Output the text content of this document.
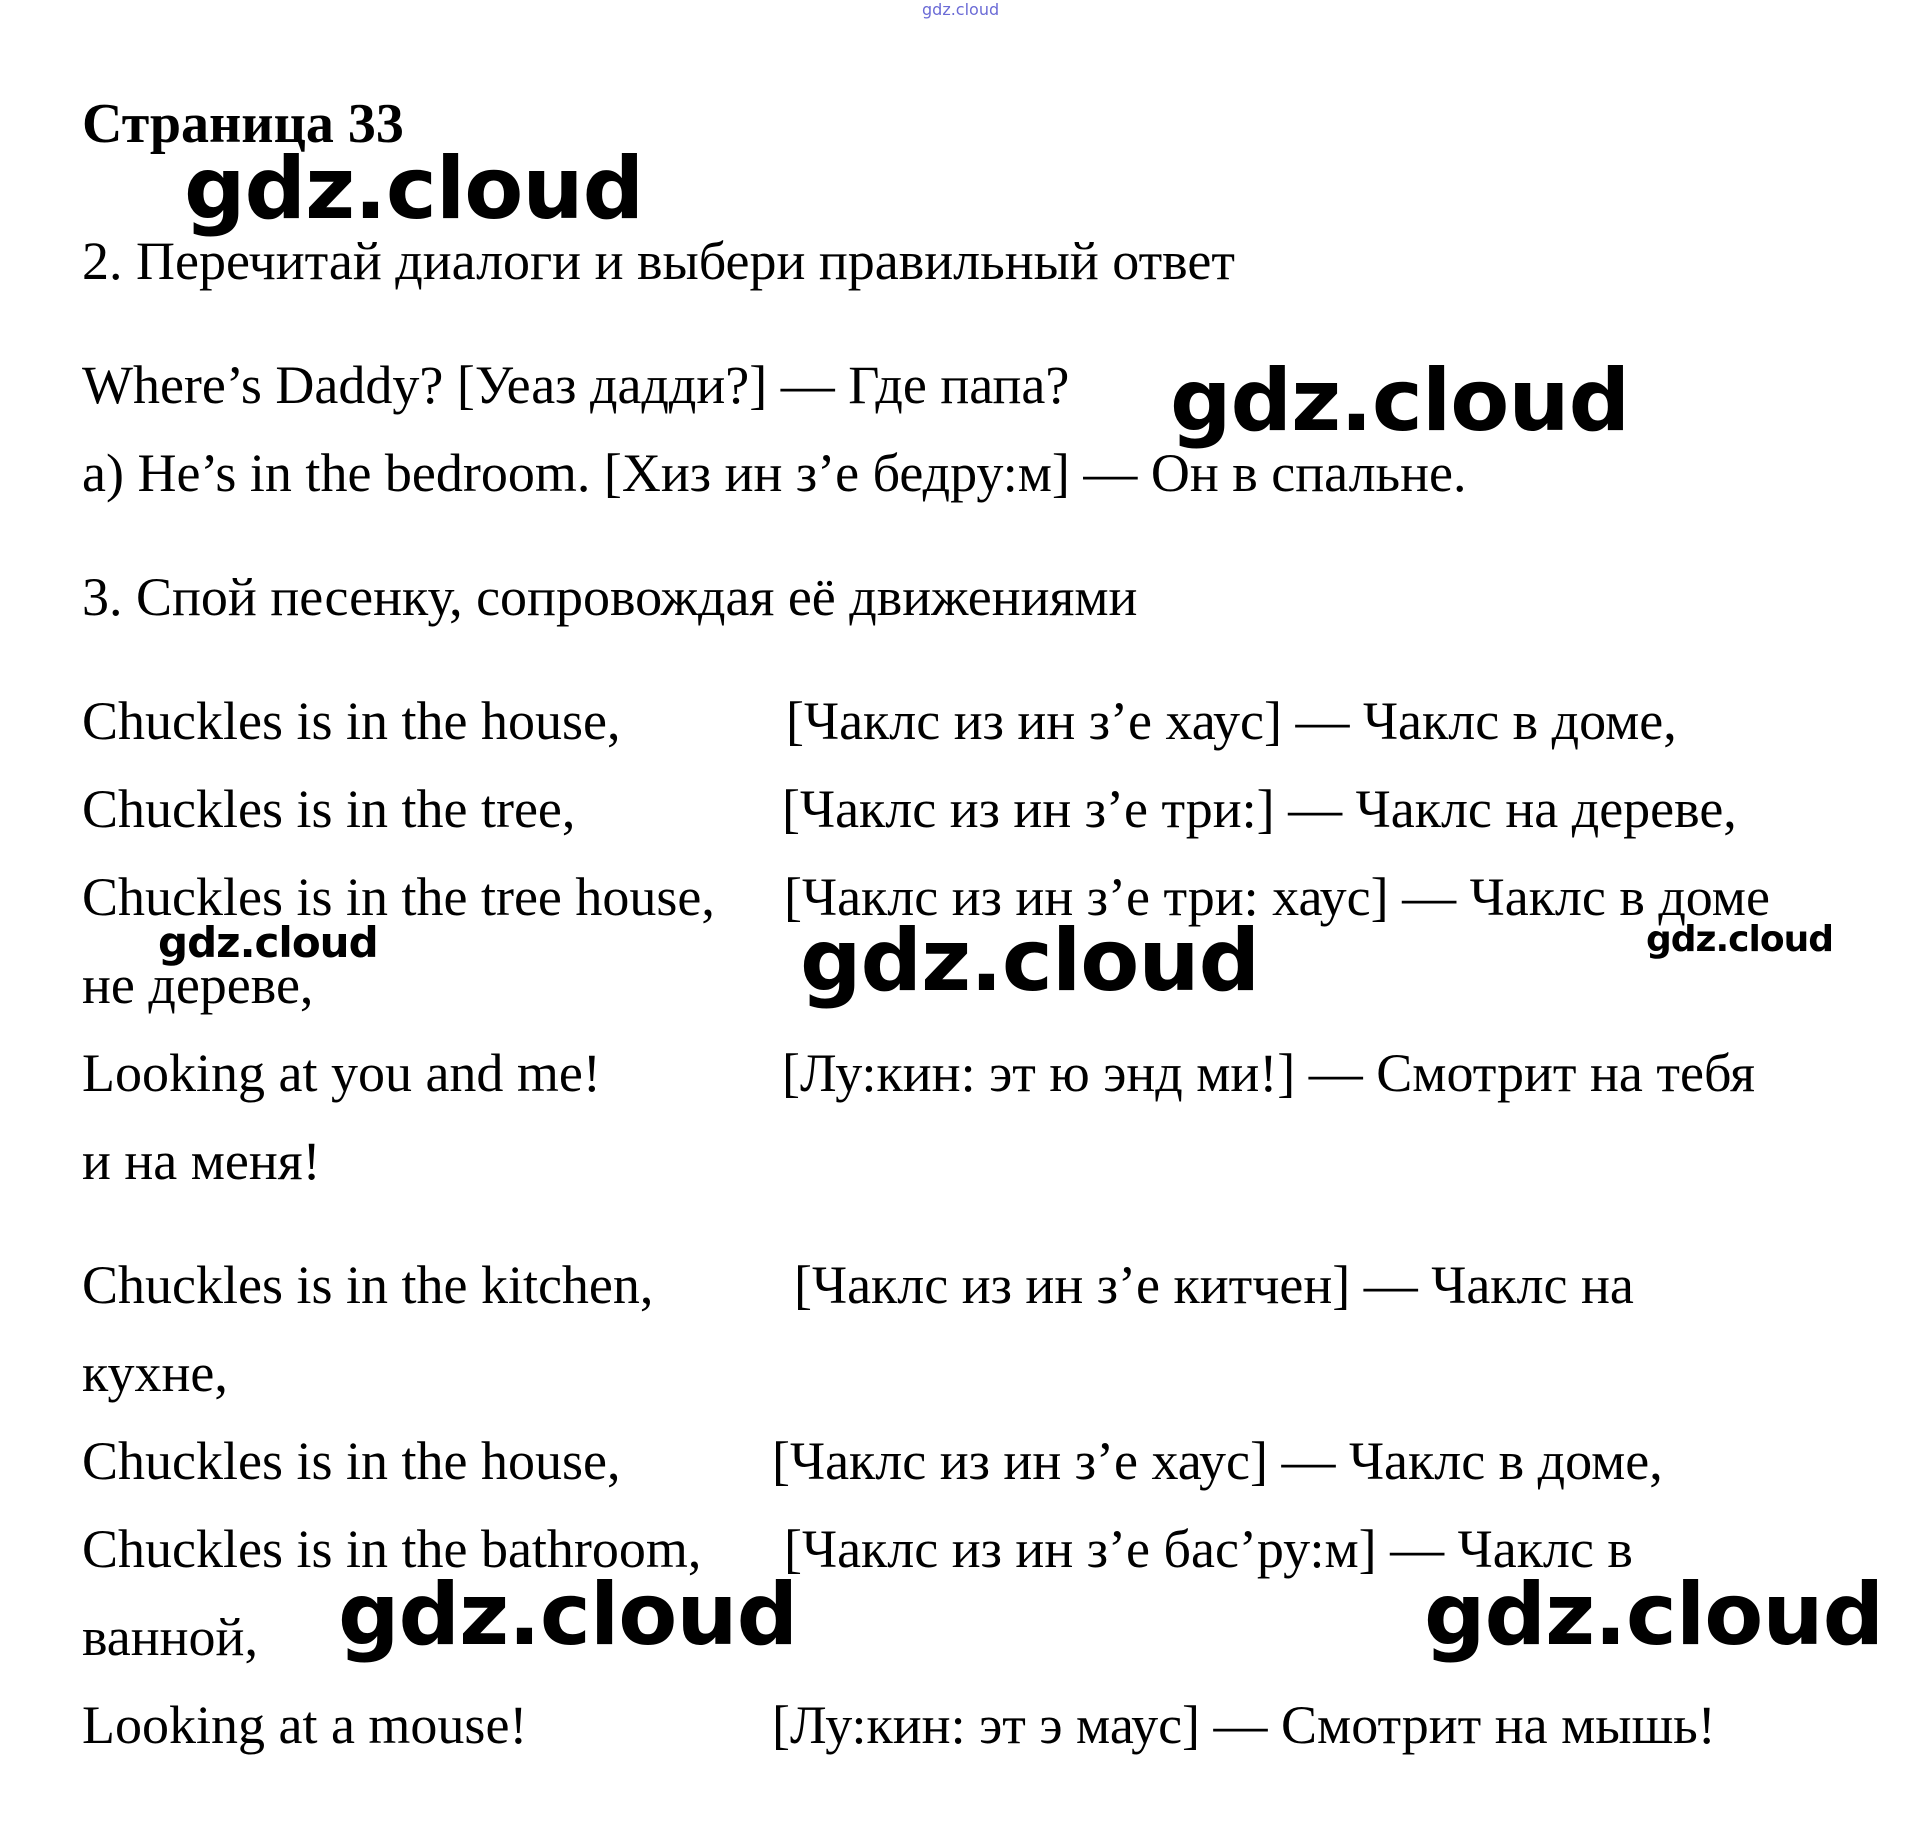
gdz.cloud
Страница 33
2. Перечитай диалоги и выбери правильный ответ
Where’s Daddy? [Уеаз дадди?] — Где папа?
a) He’s in the bedroom. [Хиз ин з’е бедру:м] — Он в спальне.
3. Спой песенку, сопровождая её движениями
Chuckles is in the house,	[Чаклс из ин з’е хаус] — Чаклс в доме,
Chuckles is in the tree,	[Чаклс из ин з’е три:] — Чаклс на дереве,
Chuckles is in the tree house, [Чаклс из ин з’е три: хаус] — Чаклс в доме
не дереве,
Looking at you and me!	[Лу:кин: эт ю энд ми!] — Смотрит на тебя
и на меня!
Chuckles is in the kitchen,	[Чаклс из ин з’е китчен] — Чаклс на
кухне,
Chuckles is in the house,	[Чаклс из ин з’е хаус] — Чаклс в доме,
Chuckles is in the bathroom, [Чаклс из ин з’е бас’ру:м] — Чаклс в
ванной,
Looking at a mouse!	[Лу:кин: эт э маус] — Смотрит на мышь!
gdz.cloud
gdz.cloud
gdz.cloud	gdz.cloud	gdz.cloud
gdz.cloud	gdz.cloud
